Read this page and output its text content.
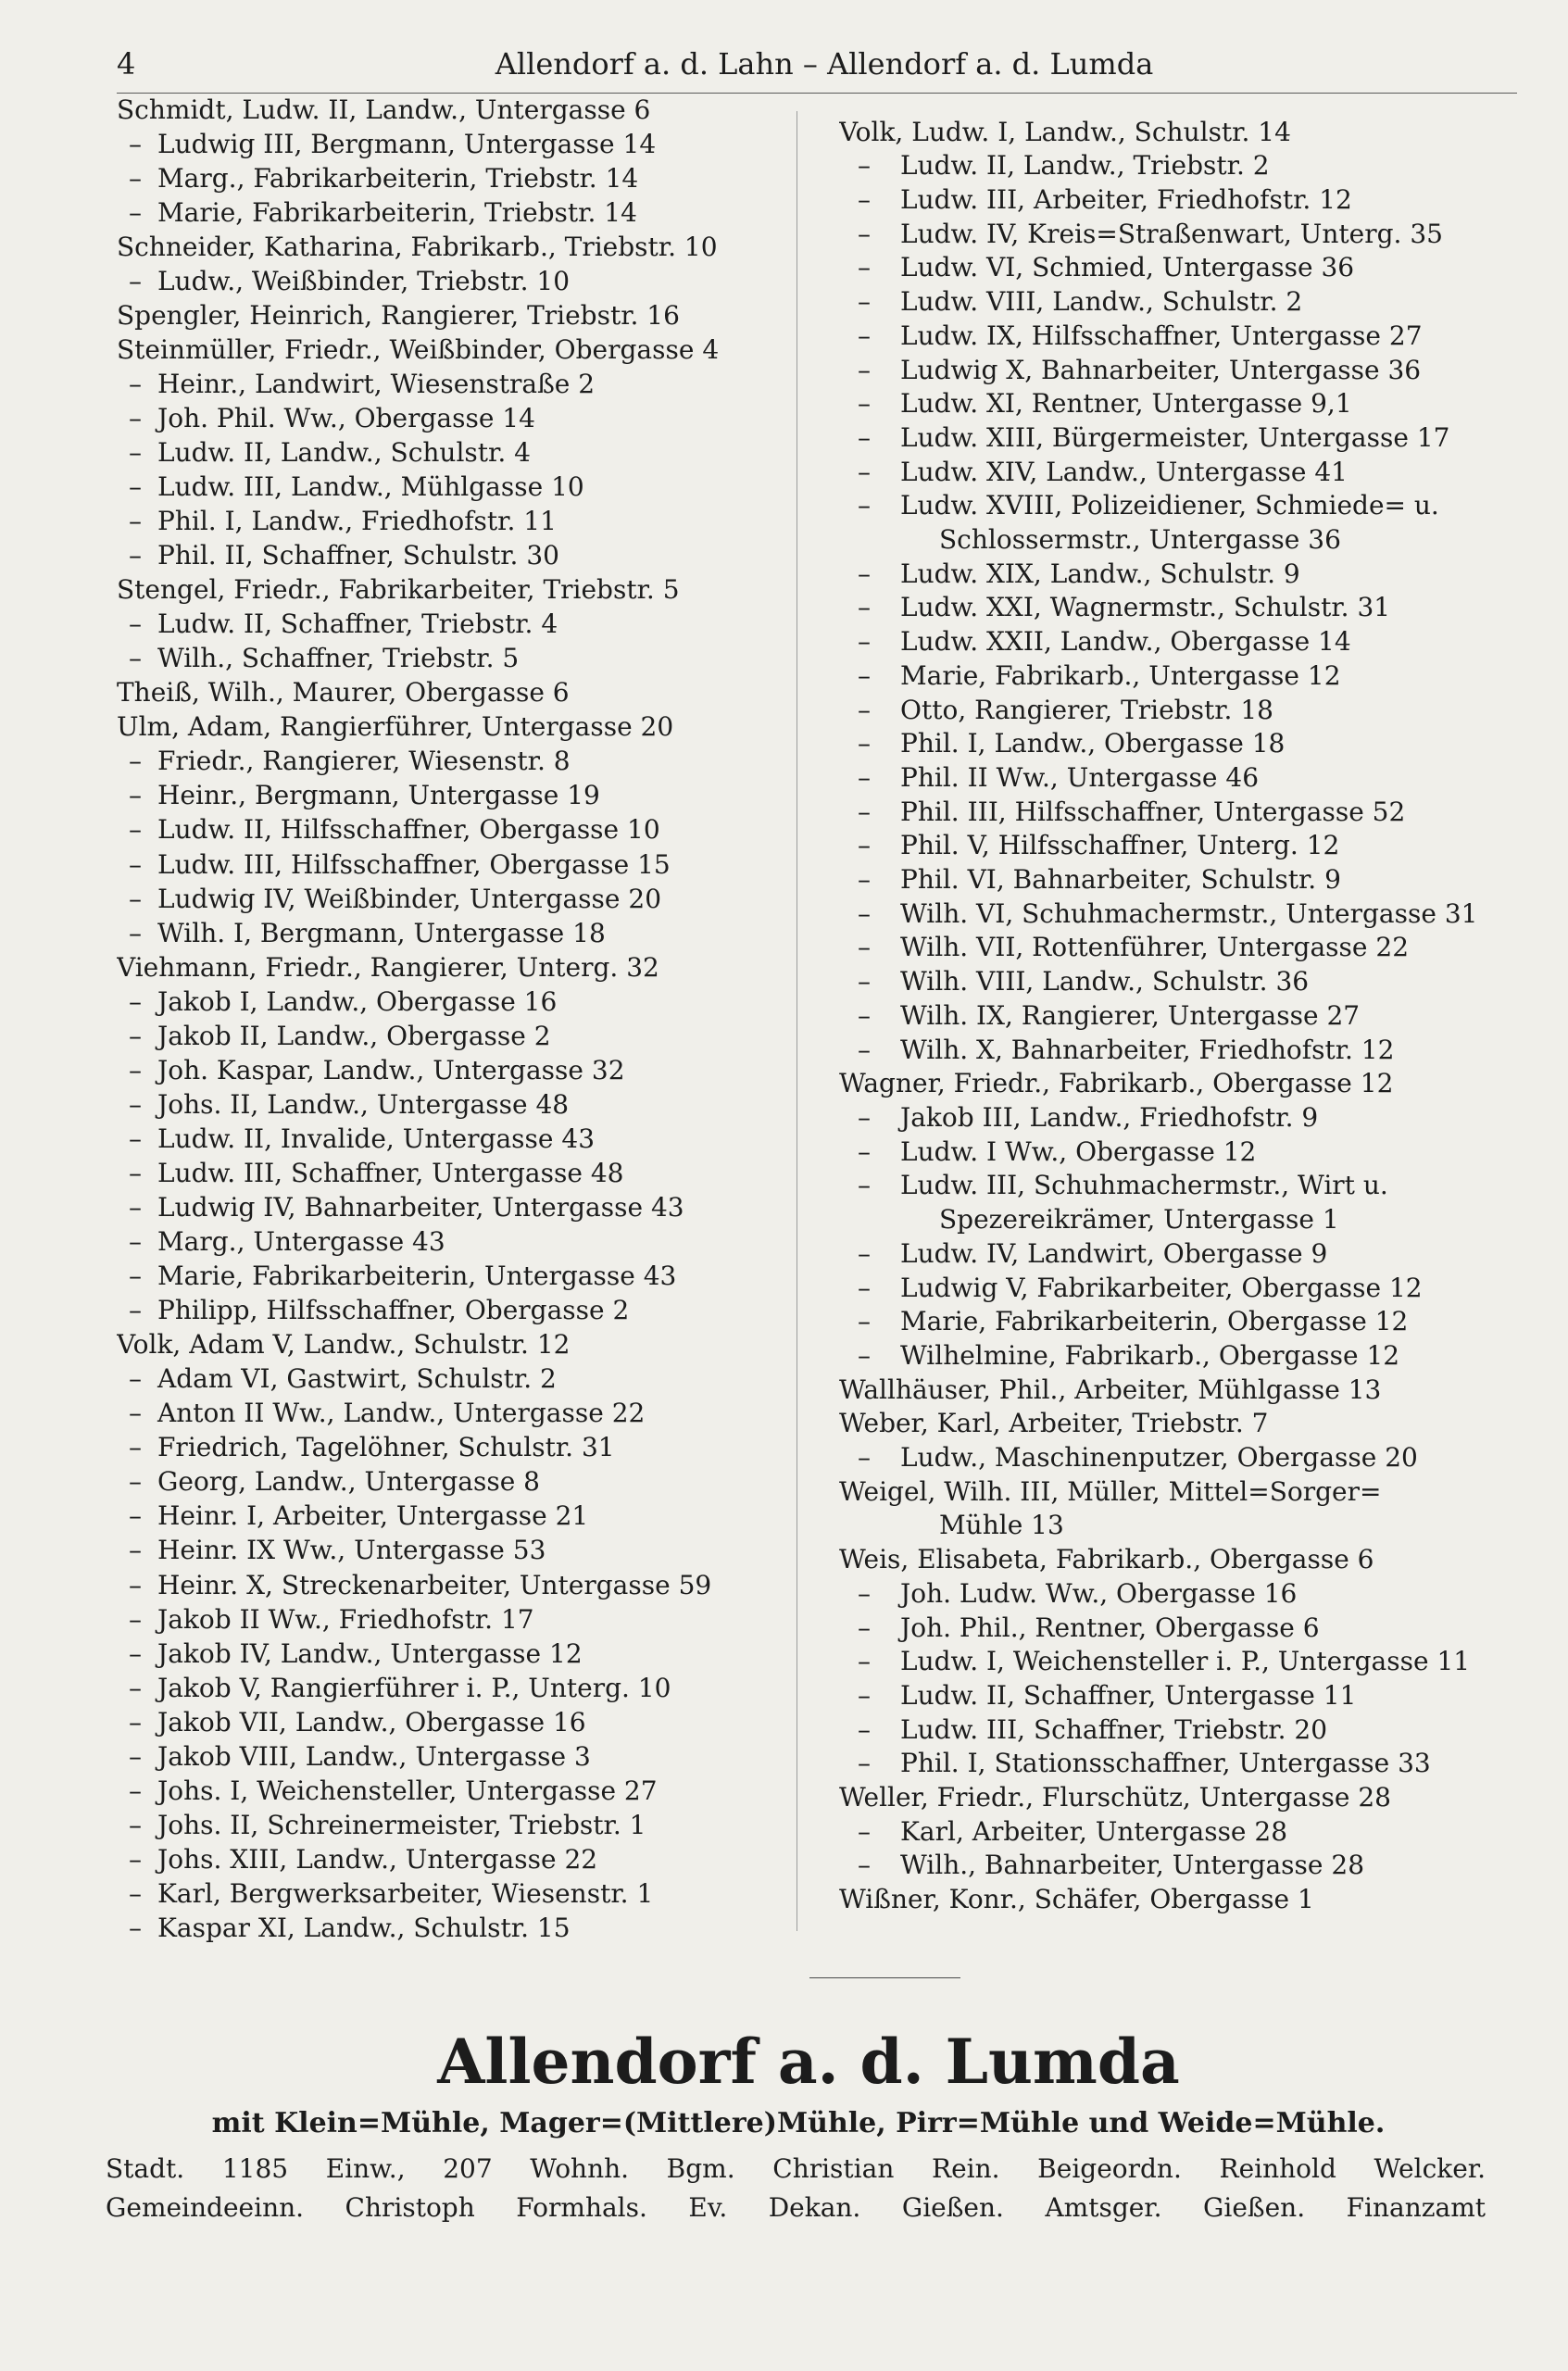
4	Allendorf a. d. Lahn – Allendorf a. d. Lumda
Schmidt, Ludw. II, Landw., Untergasse 6
– Ludwig III, Bergmann, Untergasse 14
– Marg., Fabrikarbeiterin, Triebstr. 14
– Marie, Fabrikarbeiterin, Triebstr. 14
Schneider, Katharina, Fabrikarb., Triebstr. 10
– Ludw., Weißbinder, Triebstr. 10
Spengler, Heinrich, Rangierer, Triebstr. 16
Steinmüller, Friedr., Weißbinder, Obergasse 4
– Heinr., Landwirt, Wiesenstraße 2
– Joh. Phil. Ww., Obergasse 14
– Ludw. II, Landw., Schulstr. 4
– Ludw. III, Landw., Mühlgasse 10
– Phil. I, Landw., Friedhofstr. 11
– Phil. II, Schaffner, Schulstr. 30
Stengel, Friedr., Fabrikarbeiter, Triebstr. 5
– Ludw. II, Schaffner, Triebstr. 4
– Wilh., Schaffner, Triebstr. 5
Theiß, Wilh., Maurer, Obergasse 6
Ulm, Adam, Rangierführer, Untergasse 20
– Friedr., Rangierer, Wiesenstr. 8
– Heinr., Bergmann, Untergasse 19
– Ludw. II, Hilfsschaffner, Obergasse 10
– Ludw. III, Hilfsschaffner, Obergasse 15
– Ludwig IV, Weißbinder, Untergasse 20
– Wilh. I, Bergmann, Untergasse 18
Viehmann, Friedr., Rangierer, Unterg. 32
– Jakob I, Landw., Obergasse 16
– Jakob II, Landw., Obergasse 2
– Joh. Kaspar, Landw., Untergasse 32
– Johs. II, Landw., Untergasse 48
– Ludw. II, Invalide, Untergasse 43
– Ludw. III, Schaffner, Untergasse 48
– Ludwig IV, Bahnarbeiter, Untergasse 43
– Marg., Untergasse 43
– Marie, Fabrikarbeiterin, Untergasse 43
– Philipp, Hilfsschaffner, Obergasse 2
Volk, Adam V, Landw., Schulstr. 12
– Adam VI, Gastwirt, Schulstr. 2
– Anton II Ww., Landw., Untergasse 22
– Friedrich, Tagelöhner, Schulstr. 31
– Georg, Landw., Untergasse 8
– Heinr. I, Arbeiter, Untergasse 21
– Heinr. IX Ww., Untergasse 53
– Heinr. X, Streckenarbeiter, Untergasse 59
– Jakob II Ww., Friedhofstr. 17
– Jakob IV, Landw., Untergasse 12
– Jakob V, Rangierführer i. P., Unterg. 10
– Jakob VII, Landw., Obergasse 16
– Jakob VIII, Landw., Untergasse 3
– Johs. I, Weichensteller, Untergasse 27
– Johs. II, Schreinermeister, Triebstr. 1
– Johs. XIII, Landw., Untergasse 22
– Karl, Bergwerksarbeiter, Wiesenstr. 1
– Kaspar XI, Landw., Schulstr. 15
Volk, Ludw. I, Landw., Schulstr. 14
– Ludw. II, Landw., Triebstr. 2
– Ludw. III, Arbeiter, Friedhofstr. 12
– Ludw. IV, Kreis=Straßenwart, Unterg. 35
– Ludw. VI, Schmied, Untergasse 36
– Ludw. VIII, Landw., Schulstr. 2
– Ludw. IX, Hilfsschaffner, Untergasse 27
– Ludwig X, Bahnarbeiter, Untergasse 36
– Ludw. XI, Rentner, Untergasse 9,1
– Ludw. XIII, Bürgermeister, Untergasse 17
– Ludw. XIV, Landw., Untergasse 41
– Ludw. XVIII, Polizeidiener, Schmiede= u.
Schlossermstr., Untergasse 36
– Ludw. XIX, Landw., Schulstr. 9
– Ludw. XXI, Wagnermstr., Schulstr. 31
– Ludw. XXII, Landw., Obergasse 14
– Marie, Fabrikarb., Untergasse 12
– Otto, Rangierer, Triebstr. 18
– Phil. I, Landw., Obergasse 18
– Phil. II Ww., Untergasse 46
– Phil. III, Hilfsschaffner, Untergasse 52
– Phil. V, Hilfsschaffner, Unterg. 12
– Phil. VI, Bahnarbeiter, Schulstr. 9
– Wilh. VI, Schuhmachermstr., Untergasse 31
– Wilh. VII, Rottenführer, Untergasse 22
– Wilh. VIII, Landw., Schulstr. 36
– Wilh. IX, Rangierer, Untergasse 27
– Wilh. X, Bahnarbeiter, Friedhofstr. 12
Wagner, Friedr., Fabrikarb., Obergasse 12
– Jakob III, Landw., Friedhofstr. 9
– Ludw. I Ww., Obergasse 12
– Ludw. III, Schuhmachermstr., Wirt u.
Spezereikrämer, Untergasse 1
– Ludw. IV, Landwirt, Obergasse 9
– Ludwig V, Fabrikarbeiter, Obergasse 12
– Marie, Fabrikarbeiterin, Obergasse 12
– Wilhelmine, Fabrikarb., Obergasse 12
Wallhäuser, Phil., Arbeiter, Mühlgasse 13
Weber, Karl, Arbeiter, Triebstr. 7
– Ludw., Maschinenputzer, Obergasse 20
Weigel, Wilh. III, Müller, Mittel=Sorger=
Mühle 13
Weis, Elisabeta, Fabrikarb., Obergasse 6
– Joh. Ludw. Ww., Obergasse 16
– Joh. Phil., Rentner, Obergasse 6
– Ludw. I, Weichensteller i. P., Untergasse 11
– Ludw. II, Schaffner, Untergasse 11
– Ludw. III, Schaffner, Triebstr. 20
– Phil. I, Stationsschaffner, Untergasse 33
Weller, Friedr., Flurschütz, Untergasse 28
– Karl, Arbeiter, Untergasse 28
– Wilh., Bahnarbeiter, Untergasse 28
Wißner, Konr., Schäfer, Obergasse 1
Allendorf a. d. Lumda
mit Klein=Mühle, Mager=(Mittlere)Mühle, Pirr=Mühle und Weide=Mühle.
Stadt. 1185 Einw., 207 Wohnh. Bgm. Christian Rein. Beigeordn. Reinhold Welcker.
Gemeindeeinn. Christoph Formhals. Ev. Dekan. Gießen. Amtsger. Gießen. Finanzamt
